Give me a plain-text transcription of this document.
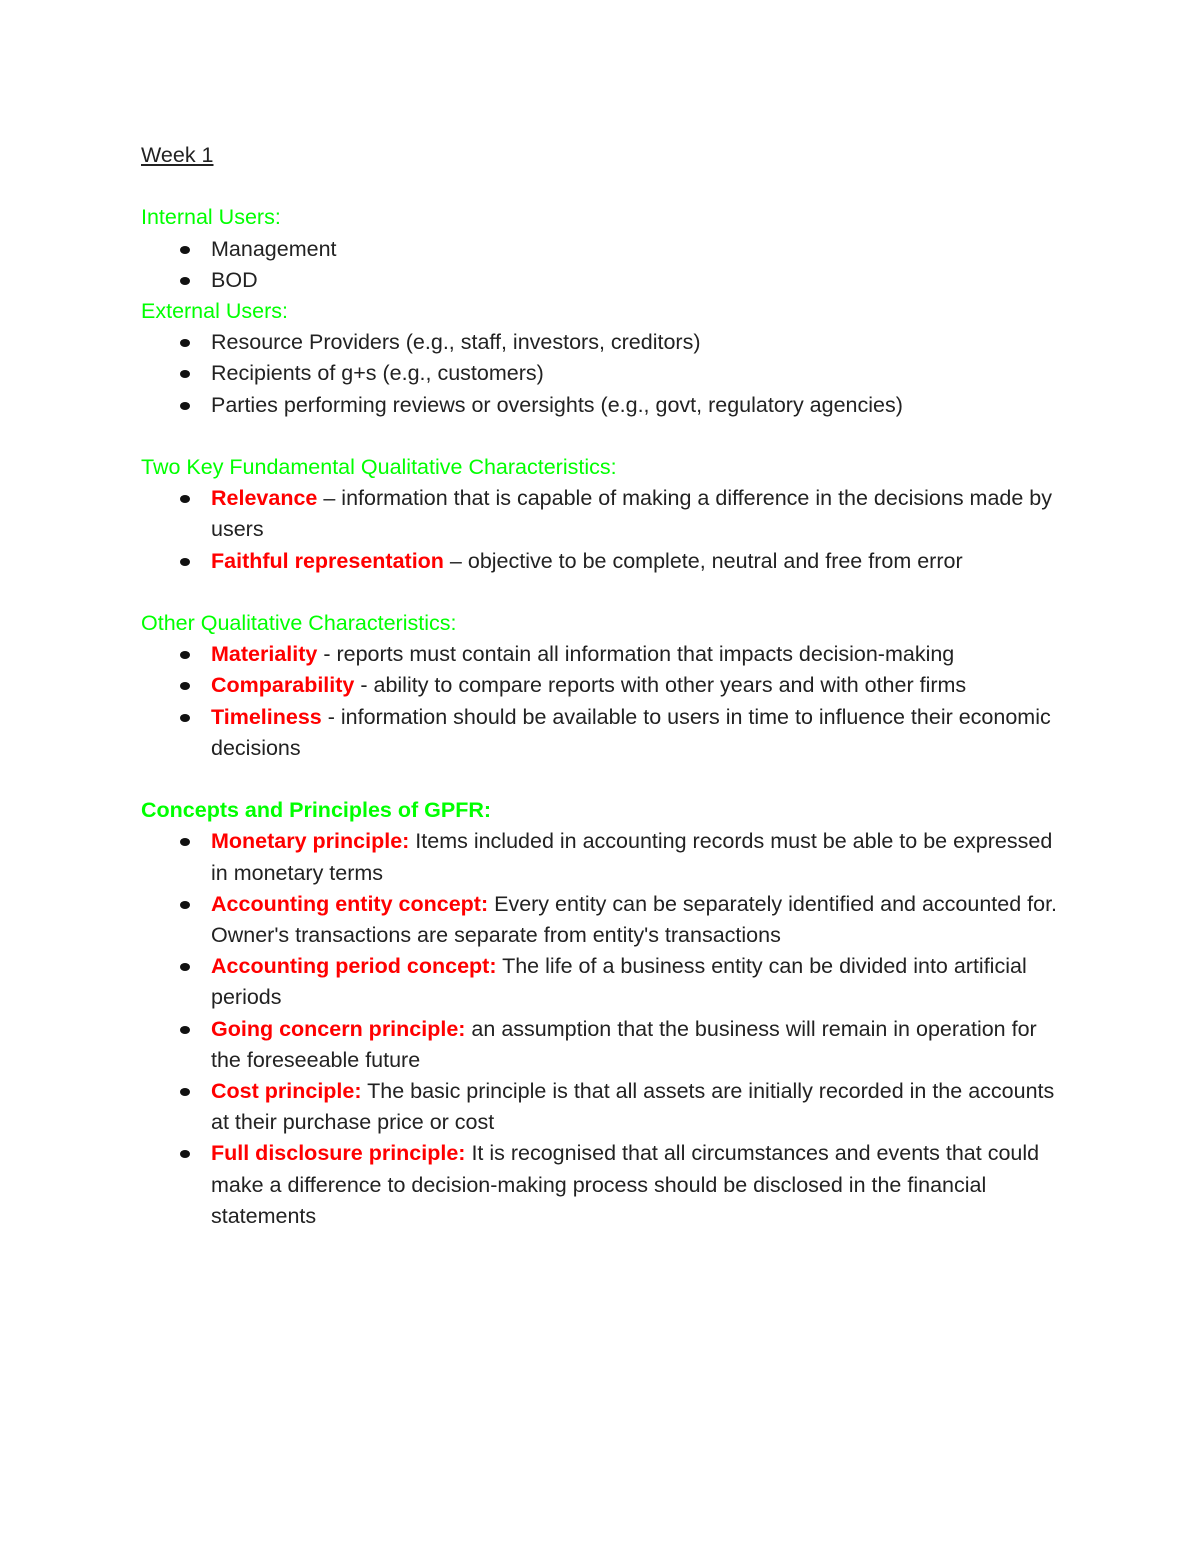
Week 1

Internal Users:

Management
BOD

External Users:

Resource Providers (e.g., staff, investors, creditors)
Recipients of g+s (e.g., customers)
Parties performing reviews or oversights (e.g., govt, regulatory agencies)

Two Key Fundamental Qualitative Characteristics:

Relevance – information that is capable of making a difference in the decisions made by users
Faithful representation – objective to be complete, neutral and free from error

Other Qualitative Characteristics:

Materiality - reports must contain all information that impacts decision-making
Comparability - ability to compare reports with other years and with other firms
Timeliness - information should be available to users in time to influence their economic decisions

Concepts and Principles of GPFR:

Monetary principle: Items included in accounting records must be able to be expressed in monetary terms
Accounting entity concept: Every entity can be separately identified and accounted for. Owner's transactions are separate from entity's transactions
Accounting period concept: The life of a business entity can be divided into artificial periods
Going concern principle: an assumption that the business will remain in operation for the foreseeable future
Cost principle: The basic principle is that all assets are initially recorded in the accounts at their purchase price or cost
Full disclosure principle: It is recognised that all circumstances and events that could make a difference to decision-making process should be disclosed in the financial statements
